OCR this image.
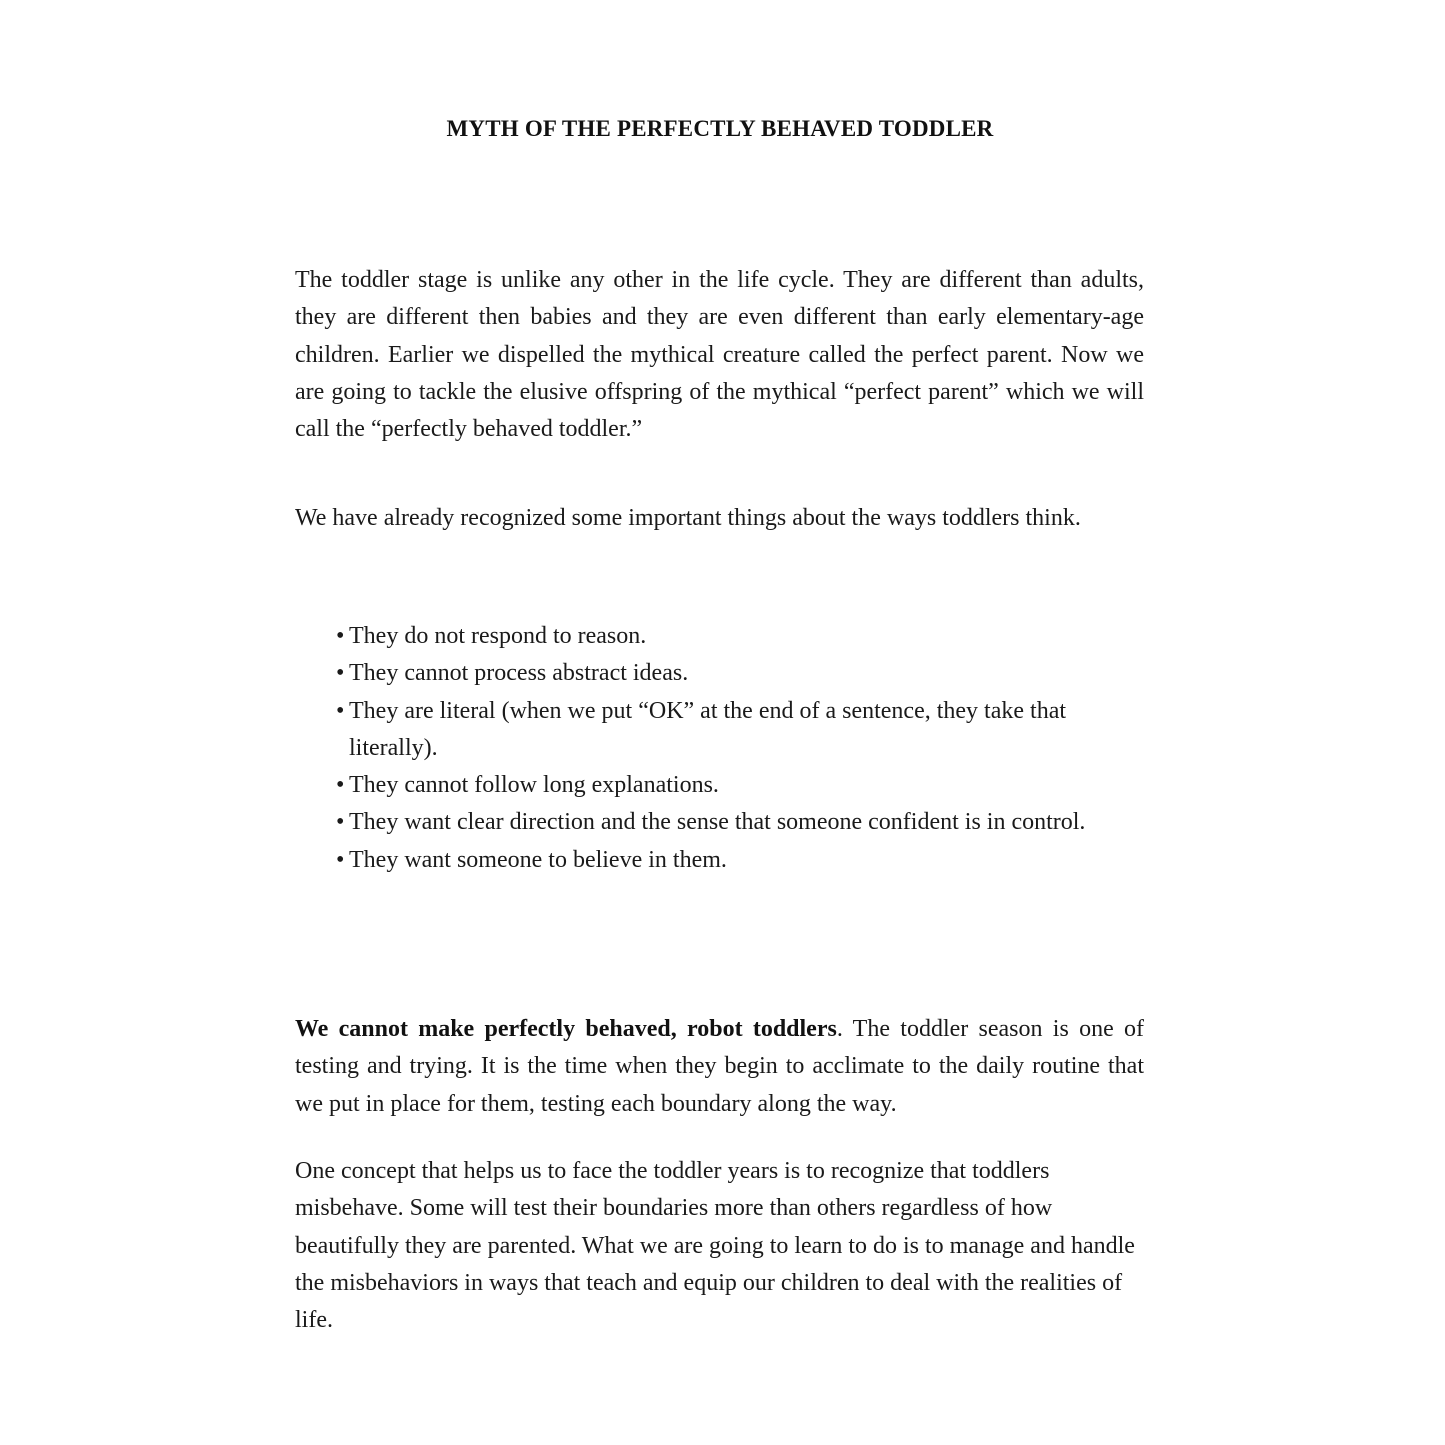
MYTH OF THE PERFECTLY BEHAVED TODDLER

The toddler stage is unlike any other in the life cycle. They are different than adults, they are different then babies and they are even different than early elementary-age children. Earlier we dispelled the mythical creature called the perfect parent. Now we are going to tackle the elusive offspring of the mythical “perfect parent” which we will call the “perfectly behaved toddler.”

We have already recognized some important things about the ways toddlers think.

• They do not respond to reason.
• They cannot process abstract ideas.
• They are literal (when we put “OK” at the end of a sentence, they take that literally).
• They cannot follow long explanations.
• They want clear direction and the sense that someone confident is in control.
• They want someone to believe in them.

We cannot make perfectly behaved, robot toddlers. The toddler season is one of testing and trying. It is the time when they begin to acclimate to the daily routine that we put in place for them, testing each boundary along the way.

One concept that helps us to face the toddler years is to recognize that toddlers misbehave. Some will test their boundaries more than others regardless of how beautifully they are parented. What we are going to learn to do is to manage and handle the misbehaviors in ways that teach and equip our children to deal with the realities of life.
